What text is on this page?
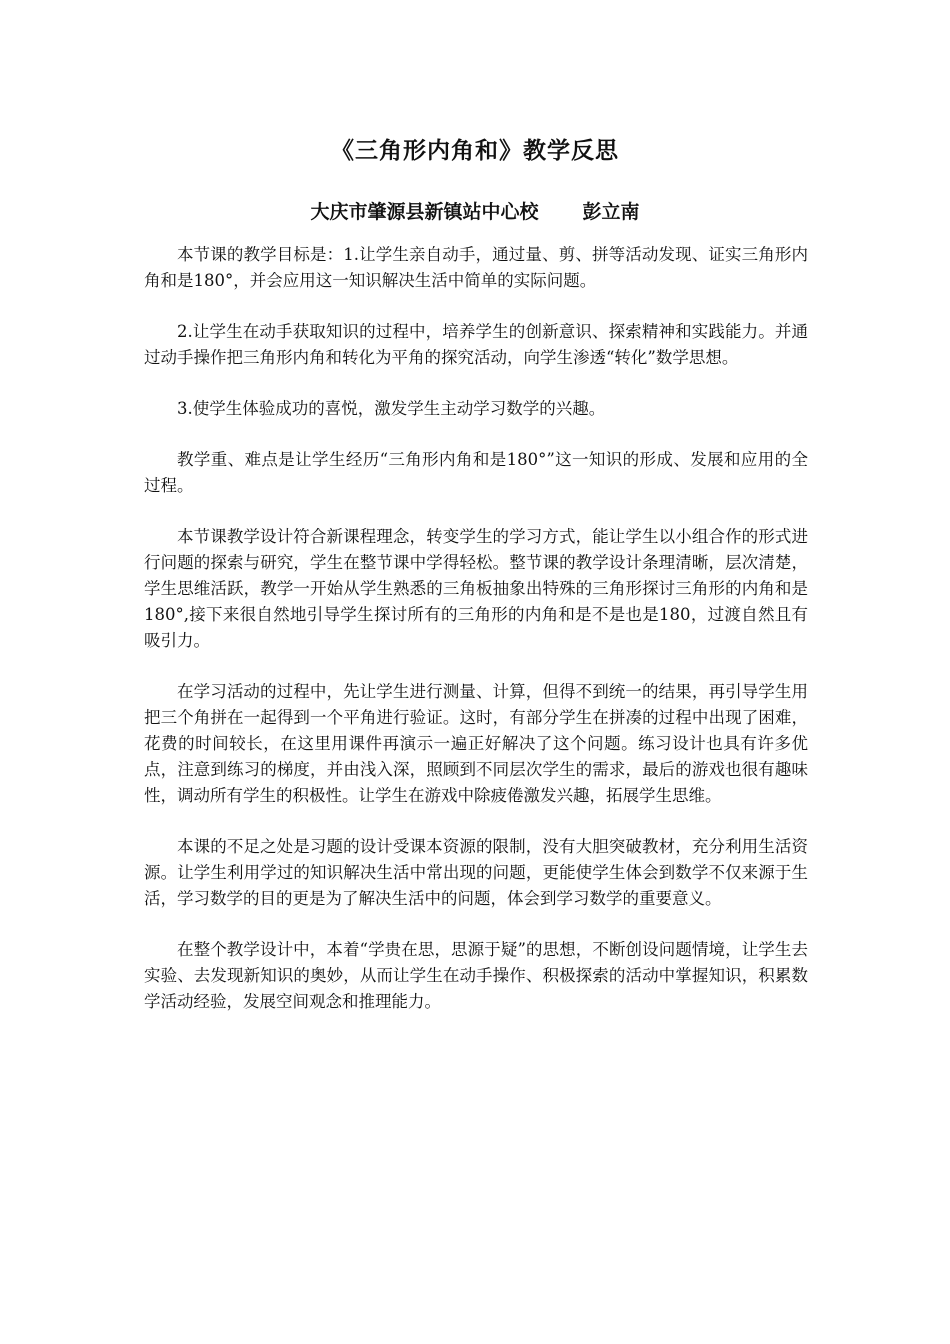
《三角形内角和》教学反思

大庆市肇源县新镇站中心校 彭立南

本节课的教学目标是：1.让学生亲自动手，通过量、剪、拼等活动发现、证实三角形内角和是180°，并会应用这一知识解决生活中简单的实际问题。

2.让学生在动手获取知识的过程中，培养学生的创新意识、探索精神和实践能力。并通过动手操作把三角形内角和转化为平角的探究活动，向学生渗透“转化”数学思想。

3.使学生体验成功的喜悦，激发学生主动学习数学的兴趣。

教学重、难点是让学生经历“三角形内角和是180°”这一知识的形成、发展和应用的全过程。

本节课教学设计符合新课程理念，转变学生的学习方式，能让学生以小组合作的形式进行问题的探索与研究，学生在整节课中学得轻松。整节课的教学设计条理清晰，层次清楚，学生思维活跃，教学一开始从学生熟悉的三角板抽象出特殊的三角形探讨三角形的内角和是180°,接下来很自然地引导学生探讨所有的三角形的内角和是不是也是180，过渡自然且有吸引力。

在学习活动的过程中，先让学生进行测量、计算，但得不到统一的结果，再引导学生用把三个角拼在一起得到一个平角进行验证。这时，有部分学生在拼凑的过程中出现了困难，花费的时间较长，在这里用课件再演示一遍正好解决了这个问题。练习设计也具有许多优点，注意到练习的梯度，并由浅入深，照顾到不同层次学生的需求，最后的游戏也很有趣味性，调动所有学生的积极性。让学生在游戏中除疲倦激发兴趣，拓展学生思维。

本课的不足之处是习题的设计受课本资源的限制，没有大胆突破教材，充分利用生活资源。让学生利用学过的知识解决生活中常出现的问题，更能使学生体会到数学不仅来源于生活，学习数学的目的更是为了解决生活中的问题，体会到学习数学的重要意义。

在整个教学设计中，本着“学贵在思，思源于疑”的思想，不断创设问题情境，让学生去实验、去发现新知识的奥妙，从而让学生在动手操作、积极探索的活动中掌握知识，积累数学活动经验，发展空间观念和推理能力。
